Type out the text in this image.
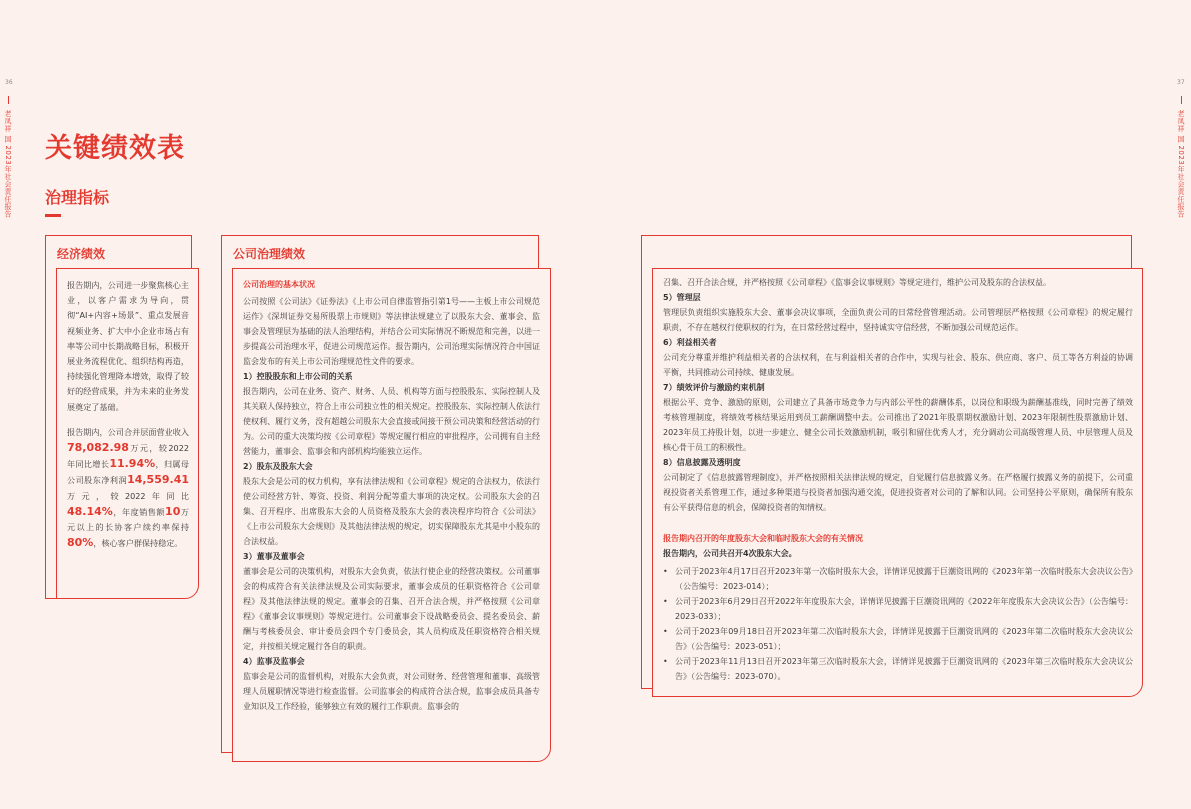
36
老凤祥 国 2023年社会责任报告
37
老凤祥 国 2023年社会责任报告
关键绩效表
治理指标
经济绩效

报告期内，公司进一步聚焦核心主业，以客户需求为导向，贯彻“AI+内容+场景”、重点发展音视频业务、扩大中小企业市场占有率等公司中长期战略目标，积极开展业务流程优化、组织结构再造，持续强化管理降本增效，取得了较好的经营成果，并为未来的业务发展奠定了基础。

报告期内，公司合并层面营业收入78,082.98万元，较2022年同比增长11.94%，归属母公司股东净利润14,559.41万元，较2022年同比48.14%，年度销售额10万元以上的长协客户续约率保持80%，核心客户群保持稳定。

公司治理绩效

公司治理的基本状况

公司按照《公司法》《证券法》《上市公司自律监管指引第1号——主板上市公司规范运作》《深圳证券交易所股票上市规则》等法律法规建立了以股东大会、董事会、监事会及管理层为基础的法人治理结构，并结合公司实际情况不断规范和完善，以进一步提高公司治理水平，促进公司规范运作。报告期内，公司治理实际情况符合中国证监会发布的有关上市公司治理规范性文件的要求。

1）控股股东和上市公司的关系

报告期内，公司在业务、资产、财务、人员、机构等方面与控股股东、实际控制人及其关联人保持独立，符合上市公司独立性的相关规定。控股股东、实际控制人依法行使权利、履行义务，没有超越公司股东大会直接或间接干预公司决策和经营活动的行为。公司的重大决策均按《公司章程》等规定履行相应的审批程序，公司拥有自主经营能力，董事会、监事会和内部机构均能独立运作。

2）股东及股东大会

股东大会是公司的权力机构，享有法律法规和《公司章程》规定的合法权力，依法行使公司经营方针、筹资、投资、利润分配等重大事项的决定权。公司股东大会的召集、召开程序、出席股东大会的人员资格及股东大会的表决程序均符合《公司法》《上市公司股东大会规则》及其他法律法规的规定，切实保障股东尤其是中小股东的合法权益。

3）董事及董事会

董事会是公司的决策机构，对股东大会负责，依法行使企业的经营决策权。公司董事会的构成符合有关法律法规及公司实际要求，董事会成员的任职资格符合《公司章程》及其他法律法规的规定。董事会的召集、召开合法合规，并严格按照《公司章程》《董事会议事规则》等规定进行。公司董事会下设战略委员会、提名委员会、薪酬与考核委员会、审计委员会四个专门委员会，其人员构成及任职资格符合相关规定，并按相关规定履行各自的职责。

4）监事及监事会

监事会是公司的监督机构，对股东大会负责，对公司财务、经营管理和董事、高级管理人员履职情况等进行检查监督。公司监事会的构成符合法合规，监事会成员具备专业知识及工作经验，能够独立有效的履行工作职责。监事会的

召集、召开合法合规，并严格按照《公司章程》《监事会议事规则》等规定进行，维护公司及股东的合法权益。

5）管理层

管理层负责组织实施股东大会、董事会决议事项，全面负责公司的日常经营管理活动。公司管理层严格按照《公司章程》的规定履行职责，不存在越权行使职权的行为，在日常经营过程中，坚持诚实守信经营，不断加强公司规范运作。

6）利益相关者

公司充分尊重并维护利益相关者的合法权利，在与利益相关者的合作中，实现与社会、股东、供应商、客户、员工等各方利益的协调平衡，共同推动公司持续、健康发展。

7）绩效评价与激励约束机制

根据公平、竞争、激励的原则，公司建立了具备市场竞争力与内部公平性的薪酬体系，以岗位和职级为薪酬基准线，同时完善了绩效考核管理制度，将绩效考核结果运用到员工薪酬调整中去。公司推出了2021年股票期权激励计划、2023年限制性股票激励计划、2023年员工持股计划，以进一步建立、健全公司长效激励机制，吸引和留住优秀人才，充分调动公司高级管理人员、中层管理人员及核心骨干员工的积极性。

8）信息披露及透明度

公司制定了《信息披露管理制度》，并严格按照相关法律法规的规定，自觉履行信息披露义务。在严格履行披露义务的前提下，公司重视投资者关系管理工作，通过多种渠道与投资者加强沟通交流，促进投资者对公司的了解和认同。公司坚持公平原则，确保所有股东有公平获得信息的机会，保障投资者的知情权。

报告期内召开的年度股东大会和临时股东大会的有关情况

报告期内，公司共召开4次股东大会。

• 公司于2023年4月17日召开2023年第一次临时股东大会，详情详见披露于巨潮资讯网的《2023年第一次临时股东大会决议公告》（公告编号：2023-014）；
• 公司于2023年6月29日召开2022年年度股东大会，详情详见披露于巨潮资讯网的《2022年年度股东大会决议公告》（公告编号：2023-033）；
• 公司于2023年09月18日召开2023年第二次临时股东大会，详情详见披露于巨潮资讯网的《2023年第二次临时股东大会决议公告》（公告编号：2023-051）；
• 公司于2023年11月13日召开2023年第三次临时股东大会，详情详见披露于巨潮资讯网的《2023年第三次临时股东大会决议公告》（公告编号：2023-070）。
